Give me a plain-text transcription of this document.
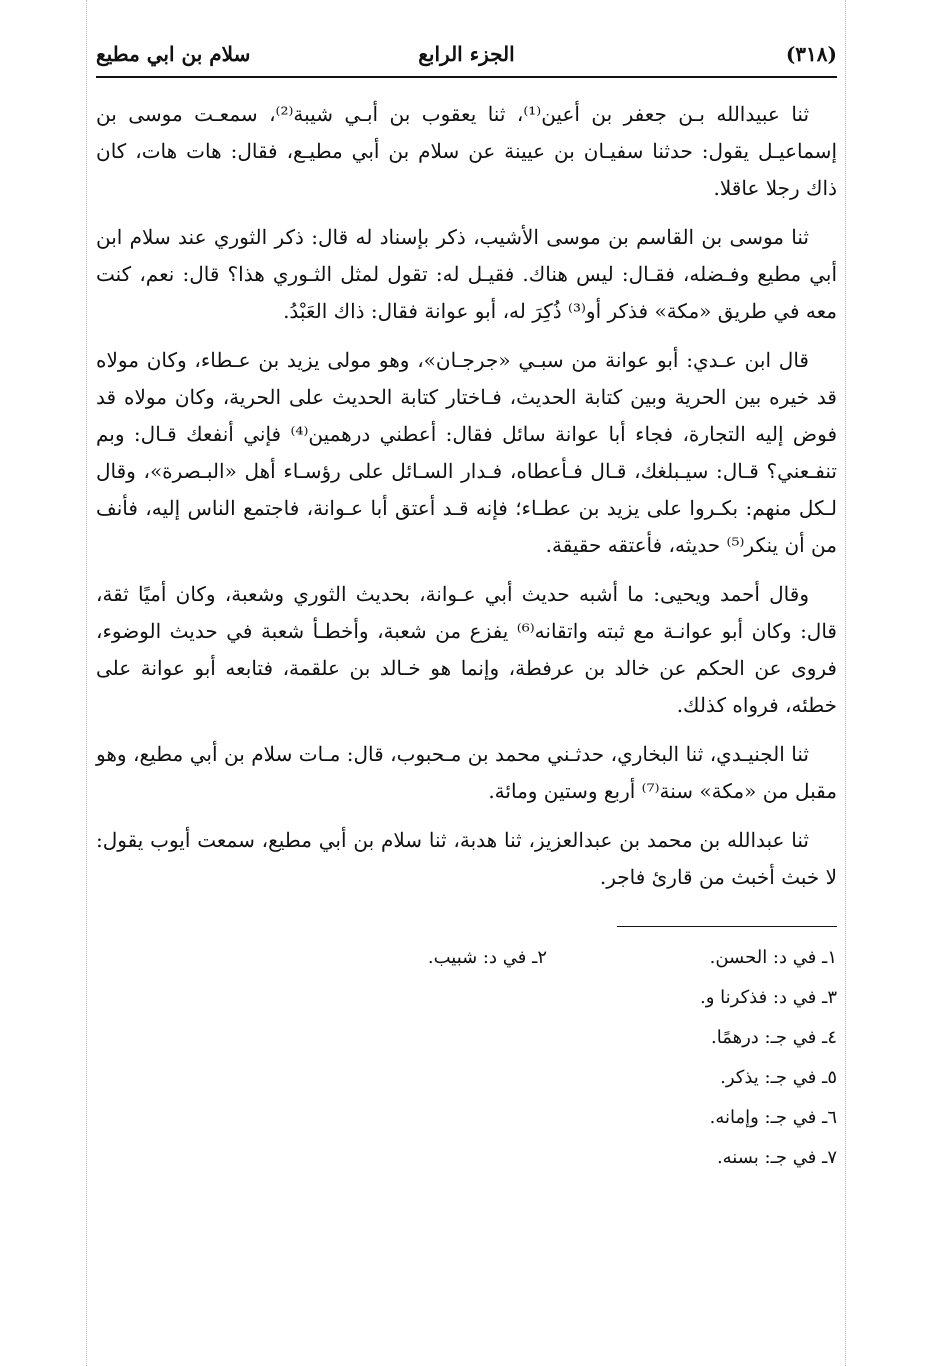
(٣١٨)
الجزء الرابع
سلام بن ابي مطيع

ثنا عبيدالله بـن جعفر بن أعين⁽¹⁾، ثنا يعقوب بن أبـي شيبة⁽²⁾، سمعـت موسى بن إسماعيـل يقول: حدثنا سفيـان بن عيينة عن سلام بن أبي مطيـع، فقال: هات هات، كان ذاك رجلا عاقلا.

ثنا موسى بن القاسم بن موسى الأشيب، ذكر بإسناد له قال: ذكر الثوري عند سلام ابن أبي مطيع وفـضله، فقـال: ليس هناك. فقيـل له: تقول لمثل الثـوري هذا؟ قال: نعم، كنت معه في طريق «مكة» فذكر أو⁽³⁾ ذُكِرَ له، أبو عوانة فقال: ذاك العَبْدُ.

قال ابن عـدي: أبو عوانة من سبـي «جرجـان»، وهو مولى يزيد بن عـطاء، وكان مولاه قد خيره بين الحرية وبين كتابة الحديث، فـاختار كتابة الحديث على الحرية، وكان مولاه قد فوض إليه التجارة، فجاء أبا عوانة سائل فقال: أعطني درهمين⁽⁴⁾ فإني أنفعك قـال: وبم تنفـعني؟ قـال: سيـبلغك، قـال فـأعطاه، فـدار السـائل على رؤسـاء أهل «البـصرة»، وقال لـكل منهم: بكـروا على يزيد بن عطـاء؛ فإنه قـد أعتق أبا عـوانة، فاجتمع الناس إليه، فأنف من أن ينكر⁽⁵⁾ حديثه، فأعتقه حقيقة.

وقال أحمد ويحيى: ما أشبه حديث أبي عـوانة، بحديث الثوري وشعبة، وكان أميًا ثقة، قال: وكان أبو عوانـة مع ثبته واتقانه⁽⁶⁾ يفزع من شعبة، وأخطـأ شعبة في حديث الوضوء، فروى عن الحكم عن خالد بن عرفطة، وإنما هو خـالد بن علقمة، فتابعه أبو عوانة على خطئه، فرواه كذلك.

ثنا الجنيـدي، ثنا البخاري، حدثـني محمد بن مـحبوب، قال: مـات سلام بن أبي مطيع، وهو مقبل من «مكة» سنة⁽⁷⁾ أربع وستين ومائة.

ثنا عبدالله بن محمد بن عبدالعزيز، ثنا هدبة، ثنا سلام بن أبي مطيع، سمعت أيوب يقول: لا خبث أخبث من قارئ فاجر.

١ـ في د: الحسن.
٢ـ في د: شبيب.
٣ـ في د: فذكرنا و.
٤ـ في جـ: درهمًا.
٥ـ في جـ: يذكر.
٦ـ في جـ: وإمانه.
٧ـ في جـ: بسنه.
